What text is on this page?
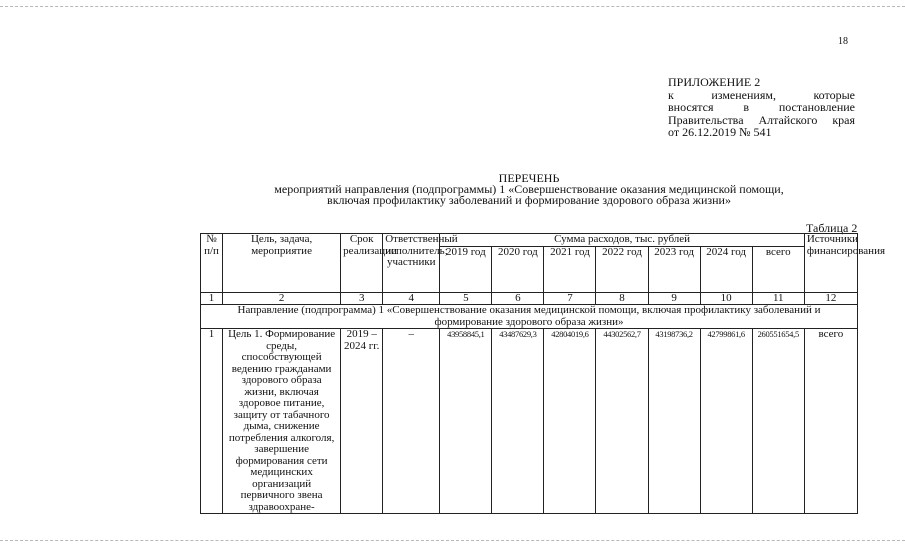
18
ПРИЛОЖЕНИЕ 2
к изменениям, которые
вносятся в постановление
Правительства Алтайского края
от 26.12.2019 № 541
ПЕРЕЧЕНЬ
мероприятий направления (подпрограммы) 1 «Совершенствование оказания медицинской помощи,
включая профилактику заболеваний и формирование здорового образа жизни»
Таблица 2
№ п/п	Цель, задача, мероприятие	Срок реализации	Ответственный исполнитель; участники	Сумма расходов, тыс. рублей							Источники финансирования
				2019 год	2020 год	2021 год	2022 год	2023 год	2024 год	всего	
1	2	3	4	5	6	7	8	9	10	11	12
Направление (подпрограмма) 1 «Совершенствование оказания медицинской помощи, включая профилактику заболеваний и формирование здорового образа жизни»											
1	Цель 1. Формирование среды, способствующей ведению гражданами здорового образа жизни, включая здоровое питание, защиту от табачного дыма, снижение потребления алкоголя, завершение формирования сети медицинских организаций первичного звена здравоохране-	2019 – 2024 гг.	–	43958845,1	43487629,3	42804019,6	44302562,7	43198736,2	42799861,6	260551654,5	всего
